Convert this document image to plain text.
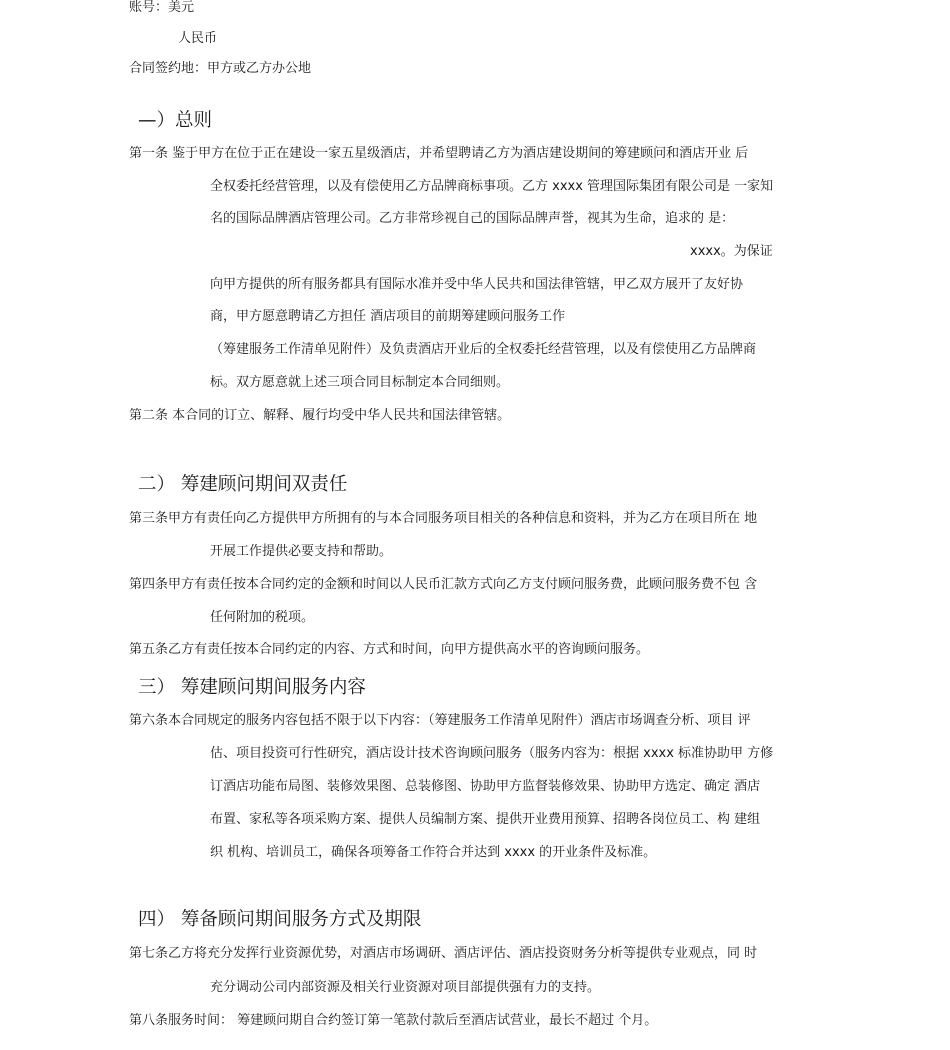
账号：美元
人民币
合同签约地：甲方或乙方办公地
—）总则
第一条 鉴于甲方在位于正在建设一家五星级酒店，并希望聘请乙方为酒店建设期间的筹建顾问和酒店开业 后
全权委托经营管理，以及有偿使用乙方品牌商标事项。乙方 xxxx 管理国际集团有限公司是 一家知
名的国际品牌酒店管理公司。乙方非常珍视自己的国际品牌声誉，视其为生命，追求的 是：
xxxx。为保证
向甲方提供的所有服务都具有国际水准并受中华人民共和国法律管辖，甲乙双方展开了友好协
商，甲方愿意聘请乙方担任 酒店项目的前期筹建顾问服务工作
（筹建服务工作清单见附件）及负责酒店开业后的全权委托经营管理，以及有偿使用乙方品牌商
标。双方愿意就上述三项合同目标制定本合同细则。
第二条 本合同的订立、解释、履行均受中华人民共和国法律管辖。
二） 筹建顾问期间双责任
第三条甲方有责任向乙方提供甲方所拥有的与本合同服务项目相关的各种信息和资料，并为乙方在项目所在 地
开展工作提供必要支持和帮助。
第四条甲方有责任按本合同约定的金额和时间以人民币汇款方式向乙方支付顾问服务费，此顾问服务费不包 含
任何附加的税项。
第五条乙方有责任按本合同约定的内容、方式和时间，向甲方提供高水平的咨询顾问服务。
三） 筹建顾问期间服务内容
第六条本合同规定的服务内容包括不限于以下内容：（筹建服务工作清单见附件）酒店市场调查分析、项目 评
估、项目投资可行性研究，酒店设计技术咨询顾问服务（服务内容为：根据 xxxx 标准协助甲 方修
订酒店功能布局图、装修效果图、总装修图、协助甲方监督装修效果、协助甲方选定、确定 酒店
布置、家私等各项采购方案、提供人员编制方案、提供开业费用预算、招聘各岗位员工、构 建组
织 机构、培训员工，确保各项筹备工作符合并达到 xxxx 的开业条件及标准。
四） 筹备顾问期间服务方式及期限
第七条乙方将充分发挥行业资源优势，对酒店市场调研、酒店评估、酒店投资财务分析等提供专业观点，同 时
充分调动公司内部资源及相关行业资源对项目部提供强有力的支持。
第八条服务时间： 筹建顾问期自合约签订第一笔款付款后至酒店试营业，最长不超过 个月。
